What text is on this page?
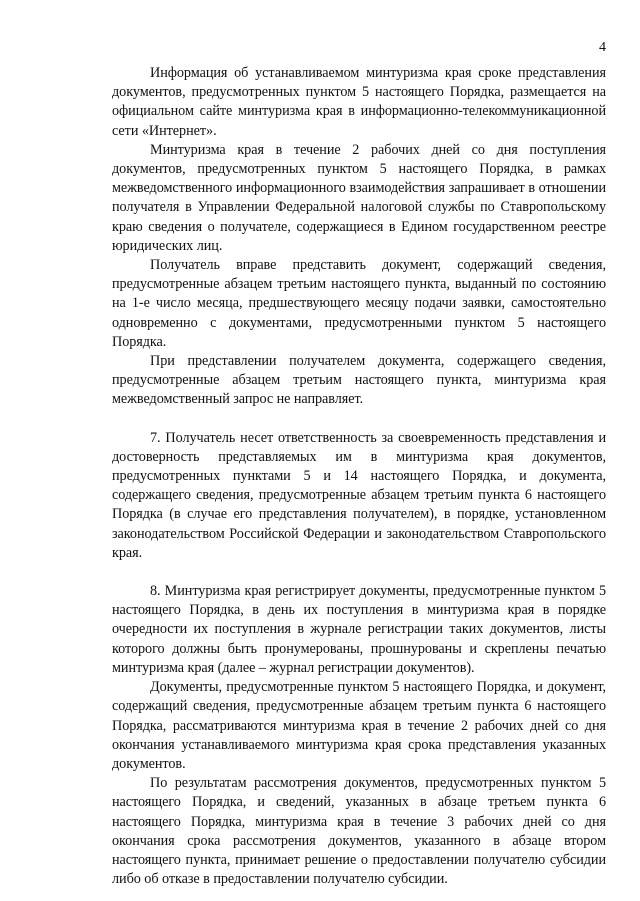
4

Информация об устанавливаемом минтуризма края сроке представления документов, предусмотренных пунктом 5 настоящего Порядка, размещается на официальном сайте минтуризма края в информационно-телекоммуникационной сети «Интернет».

Минтуризма края в течение 2 рабочих дней со дня поступления документов, предусмотренных пунктом 5 настоящего Порядка, в рамках межведомственного информационного взаимодействия запрашивает в отношении получателя в Управлении Федеральной налоговой службы по Ставропольскому краю сведения о получателе, содержащиеся в Едином государственном реестре юридических лиц.

Получатель вправе представить документ, содержащий сведения, предусмотренные абзацем третьим настоящего пункта, выданный по состоянию на 1-е число месяца, предшествующего месяцу подачи заявки, самостоятельно одновременно с документами, предусмотренными пунктом 5 настоящего Порядка.

При представлении получателем документа, содержащего сведения, предусмотренные абзацем третьим настоящего пункта, минтуризма края межведомственный запрос не направляет.

7. Получатель несет ответственность за своевременность представления и достоверность представляемых им в минтуризма края документов, предусмотренных пунктами 5 и 14 настоящего Порядка, и документа, содержащего сведения, предусмотренные абзацем третьим пункта 6 настоящего Порядка (в случае его представления получателем), в порядке, установленном законодательством Российской Федерации и законодательством Ставропольского края.

8. Минтуризма края регистрирует документы, предусмотренные пунктом 5 настоящего Порядка, в день их поступления в минтуризма края в порядке очередности их поступления в журнале регистрации таких документов, листы которого должны быть пронумерованы, прошнурованы и скреплены печатью минтуризма края (далее – журнал регистрации документов).

Документы, предусмотренные пунктом 5 настоящего Порядка, и документ, содержащий сведения, предусмотренные абзацем третьим пункта 6 настоящего Порядка, рассматриваются минтуризма края в течение 2 рабочих дней со дня окончания устанавливаемого минтуризма края срока представления указанных документов.

По результатам рассмотрения документов, предусмотренных пунктом 5 настоящего Порядка, и сведений, указанных в абзаце третьем пункта 6 настоящего Порядка, минтуризма края в течение 3 рабочих дней со дня окончания срока рассмотрения документов, указанного в абзаце втором настоящего пункта, принимает решение о предоставлении получателю субсидии либо об отказе в предоставлении получателю субсидии.
